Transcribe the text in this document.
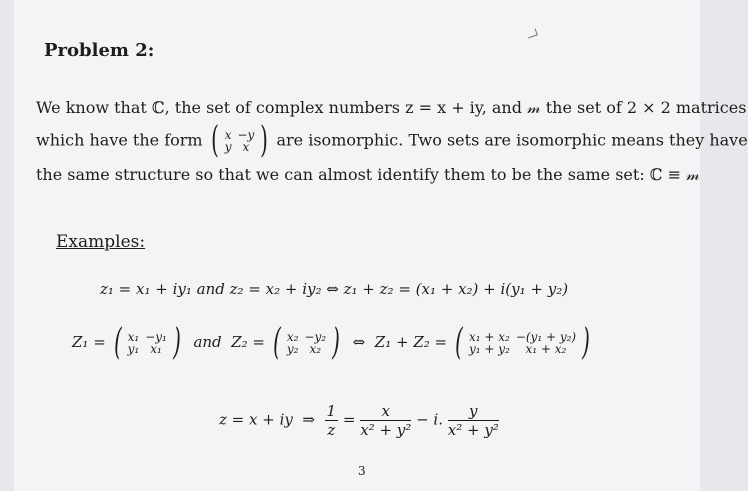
Problem 2:
We know that ℂ, the set of complex numbers z = x + iy, and 𝓂 the set of 2 × 2 matrices
which have the form ( x	−y
y	x ) are isomorphic. Two sets are isomorphic means they have
the same structure so that we can almost identify them to be the same set: ℂ ≡ 𝓂
Examples:
z₁ = x₁ + iy₁ and z₂ = x₂ + iy₂ ⇔ z₁ + z₂ = (x₁ + x₂) + i(y₁ + y₂)
Z₁ = ( x₁	−y₁
y₁	x₁ ) and Z₂ = ( x₂	−y₂
y₂	x₂ ) ⇔ Z₁ + Z₂ = ( x₁ + x₂	−(y₁ + y₂)
y₁ + y₂	x₁ + x₂ )
z = x + iy ⇒ $\frac{1}{z} = \frac{x}{\text{x² + y²}} - i$. $\frac{y}{\text{x² + y²}}$
3
